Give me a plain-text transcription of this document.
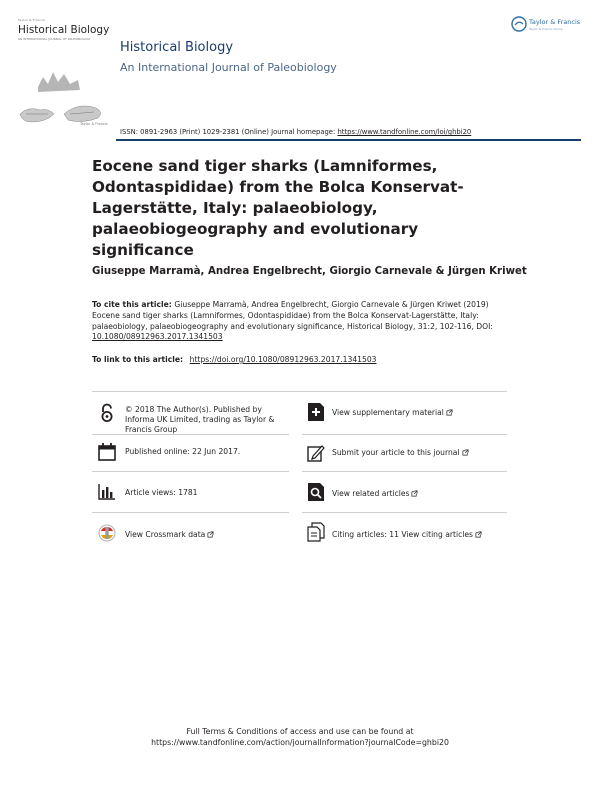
Taylor & Francis
Historical Biology
AN INTERNATIONAL JOURNAL OF PALEOBIOLOGY
Taylor & Francis
Historical Biology
An International Journal of Paleobiology
Taylor & Francis
Taylor & Francis Group
ISSN: 0891-2963 (Print) 1029-2381 (Online) Journal homepage: https://www.tandfonline.com/loi/ghbi20
Eocene sand tiger sharks (Lamniformes, Odontaspididae) from the Bolca Konservat-Lagerstätte, Italy: palaeobiology, palaeobiogeography and evolutionary significance
Giuseppe Marramà, Andrea Engelbrecht, Giorgio Carnevale & Jürgen Kriwet
To cite this article: Giuseppe Marramà, Andrea Engelbrecht, Giorgio Carnevale & Jürgen Kriwet (2019) Eocene sand tiger sharks (Lamniformes, Odontaspididae) from the Bolca Konservat-Lagerstätte, Italy: palaeobiology, palaeobiogeography and evolutionary significance, Historical Biology, 31:2, 102-116, DOI: 10.1080/08912963.2017.1341503
To link to this article: https://doi.org/10.1080/08912963.2017.1341503
© 2018 The Author(s). Published by Informa UK Limited, trading as Taylor & Francis Group
View supplementary material
Published online: 22 Jun 2017.	Submit your article to this journal
Article views: 1781	View related articles
View Crossmark data	Citing articles: 11 View citing articles
Full Terms & Conditions of access and use can be found at
https://www.tandfonline.com/action/journalInformation?journalCode=ghbi20
